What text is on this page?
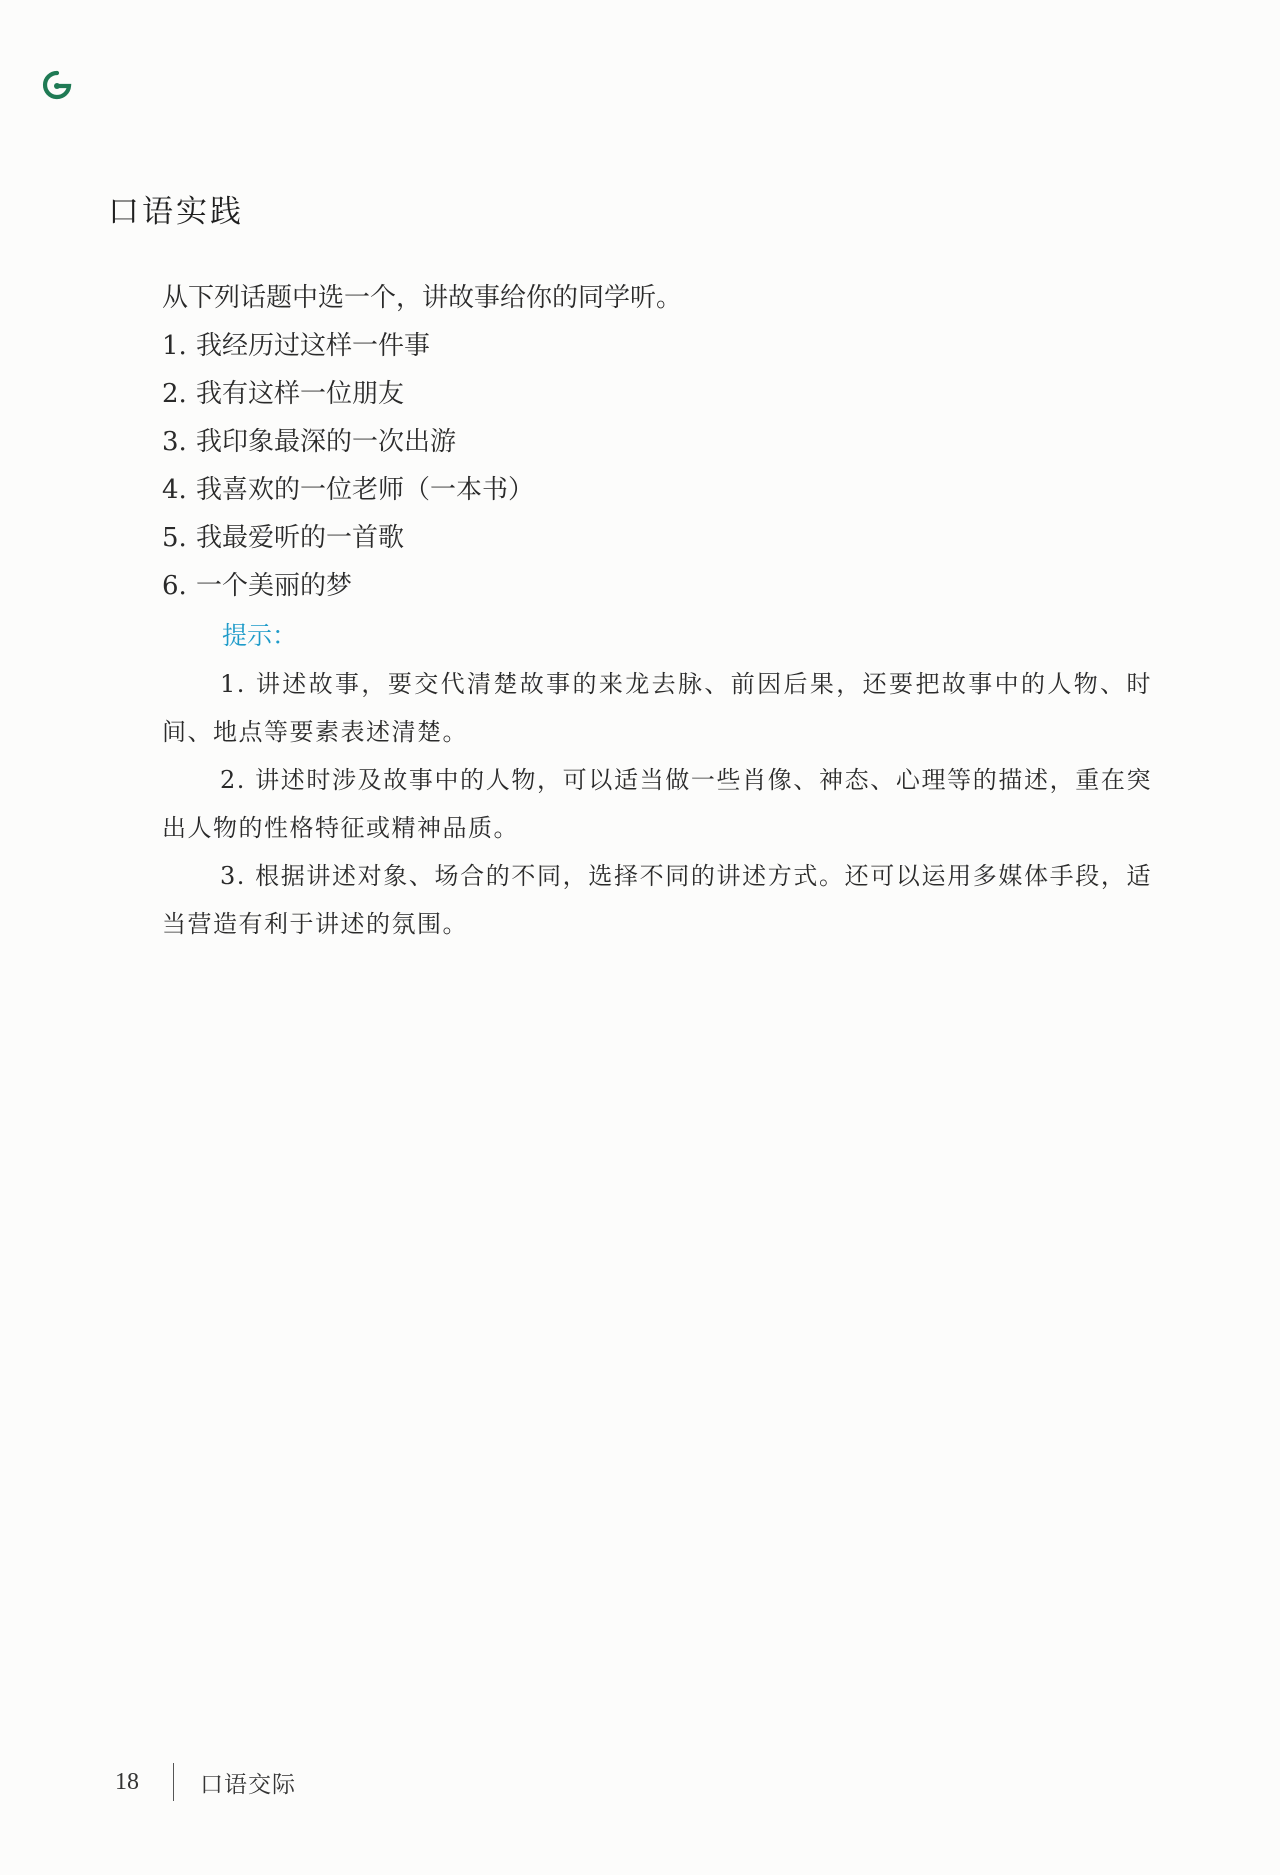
口语实践

从下列话题中选一个，讲故事给你的同学听。

1. 我经历过这样一件事
2. 我有这样一位朋友
3. 我印象最深的一次出游
4. 我喜欢的一位老师（一本书）
5. 我最爱听的一首歌
6. 一个美丽的梦

提示：

1. 讲述故事，要交代清楚故事的来龙去脉、前因后果，还要把故事中的人物、时间、地点等要素表述清楚。

2. 讲述时涉及故事中的人物，可以适当做一些肖像、神态、心理等的描述，重在突出人物的性格特征或精神品质。

3. 根据讲述对象、场合的不同，选择不同的讲述方式。还可以运用多媒体手段，适当营造有利于讲述的氛围。

18	口语交际
